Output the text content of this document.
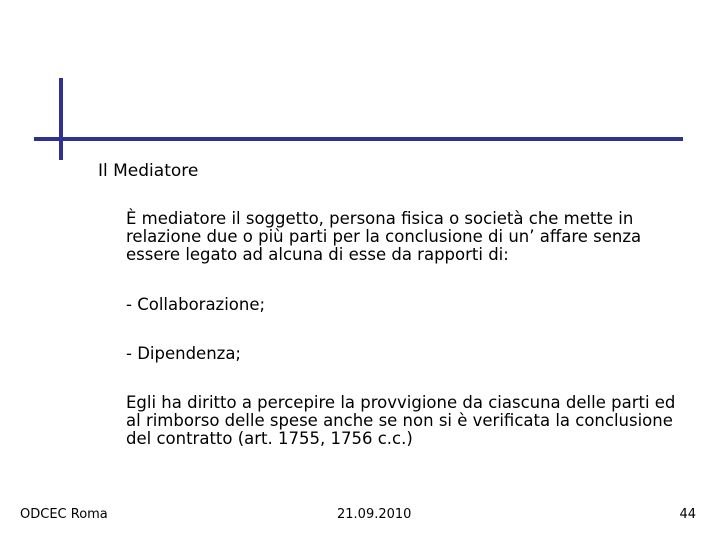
Il Mediatore
È mediatore il soggetto, persona fisica o società che mette in relazione due o più parti per la conclusione di un’ affare senza essere legato ad alcuna di esse da rapporti di:
- Collaborazione;
- Dipendenza;
Egli ha diritto a percepire la provvigione da ciascuna delle parti ed al rimborso delle spese anche se non si è verificata la conclusione del contratto (art. 1755, 1756 c.c.)
ODCEC Roma	21.09.2010	44
